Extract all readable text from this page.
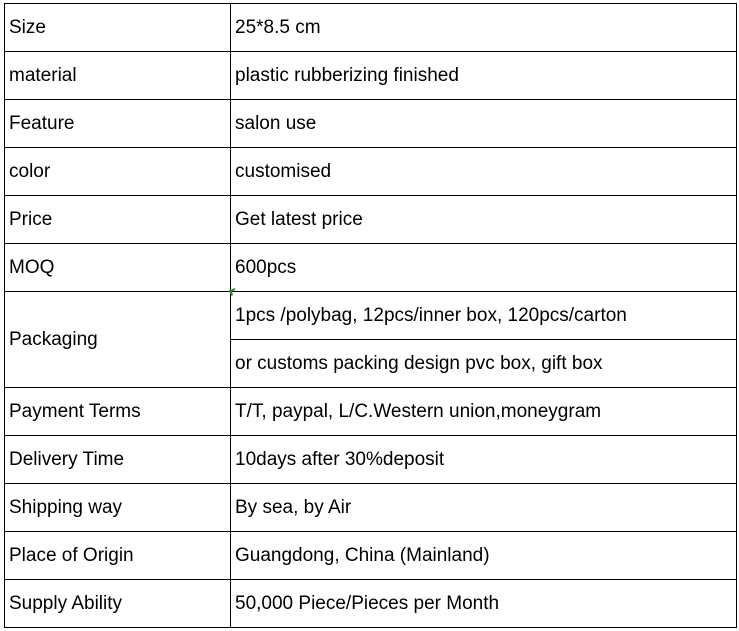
Size	25*8.5 cm
material	plastic rubberizing finished
Feature	salon use
color	customised
Price	Get latest price
MOQ	600pcs
Packaging	1pcs /polybag, 12pcs/inner box, 120pcs/carton
	or customs packing design pvc box, gift box
Payment Terms	T/T, paypal, L/C.Western union,moneygram
Delivery Time	10days after 30%deposit
Shipping way	By sea, by Air
Place of Origin	Guangdong, China (Mainland)
Supply Ability	50,000 Piece/Pieces per Month
